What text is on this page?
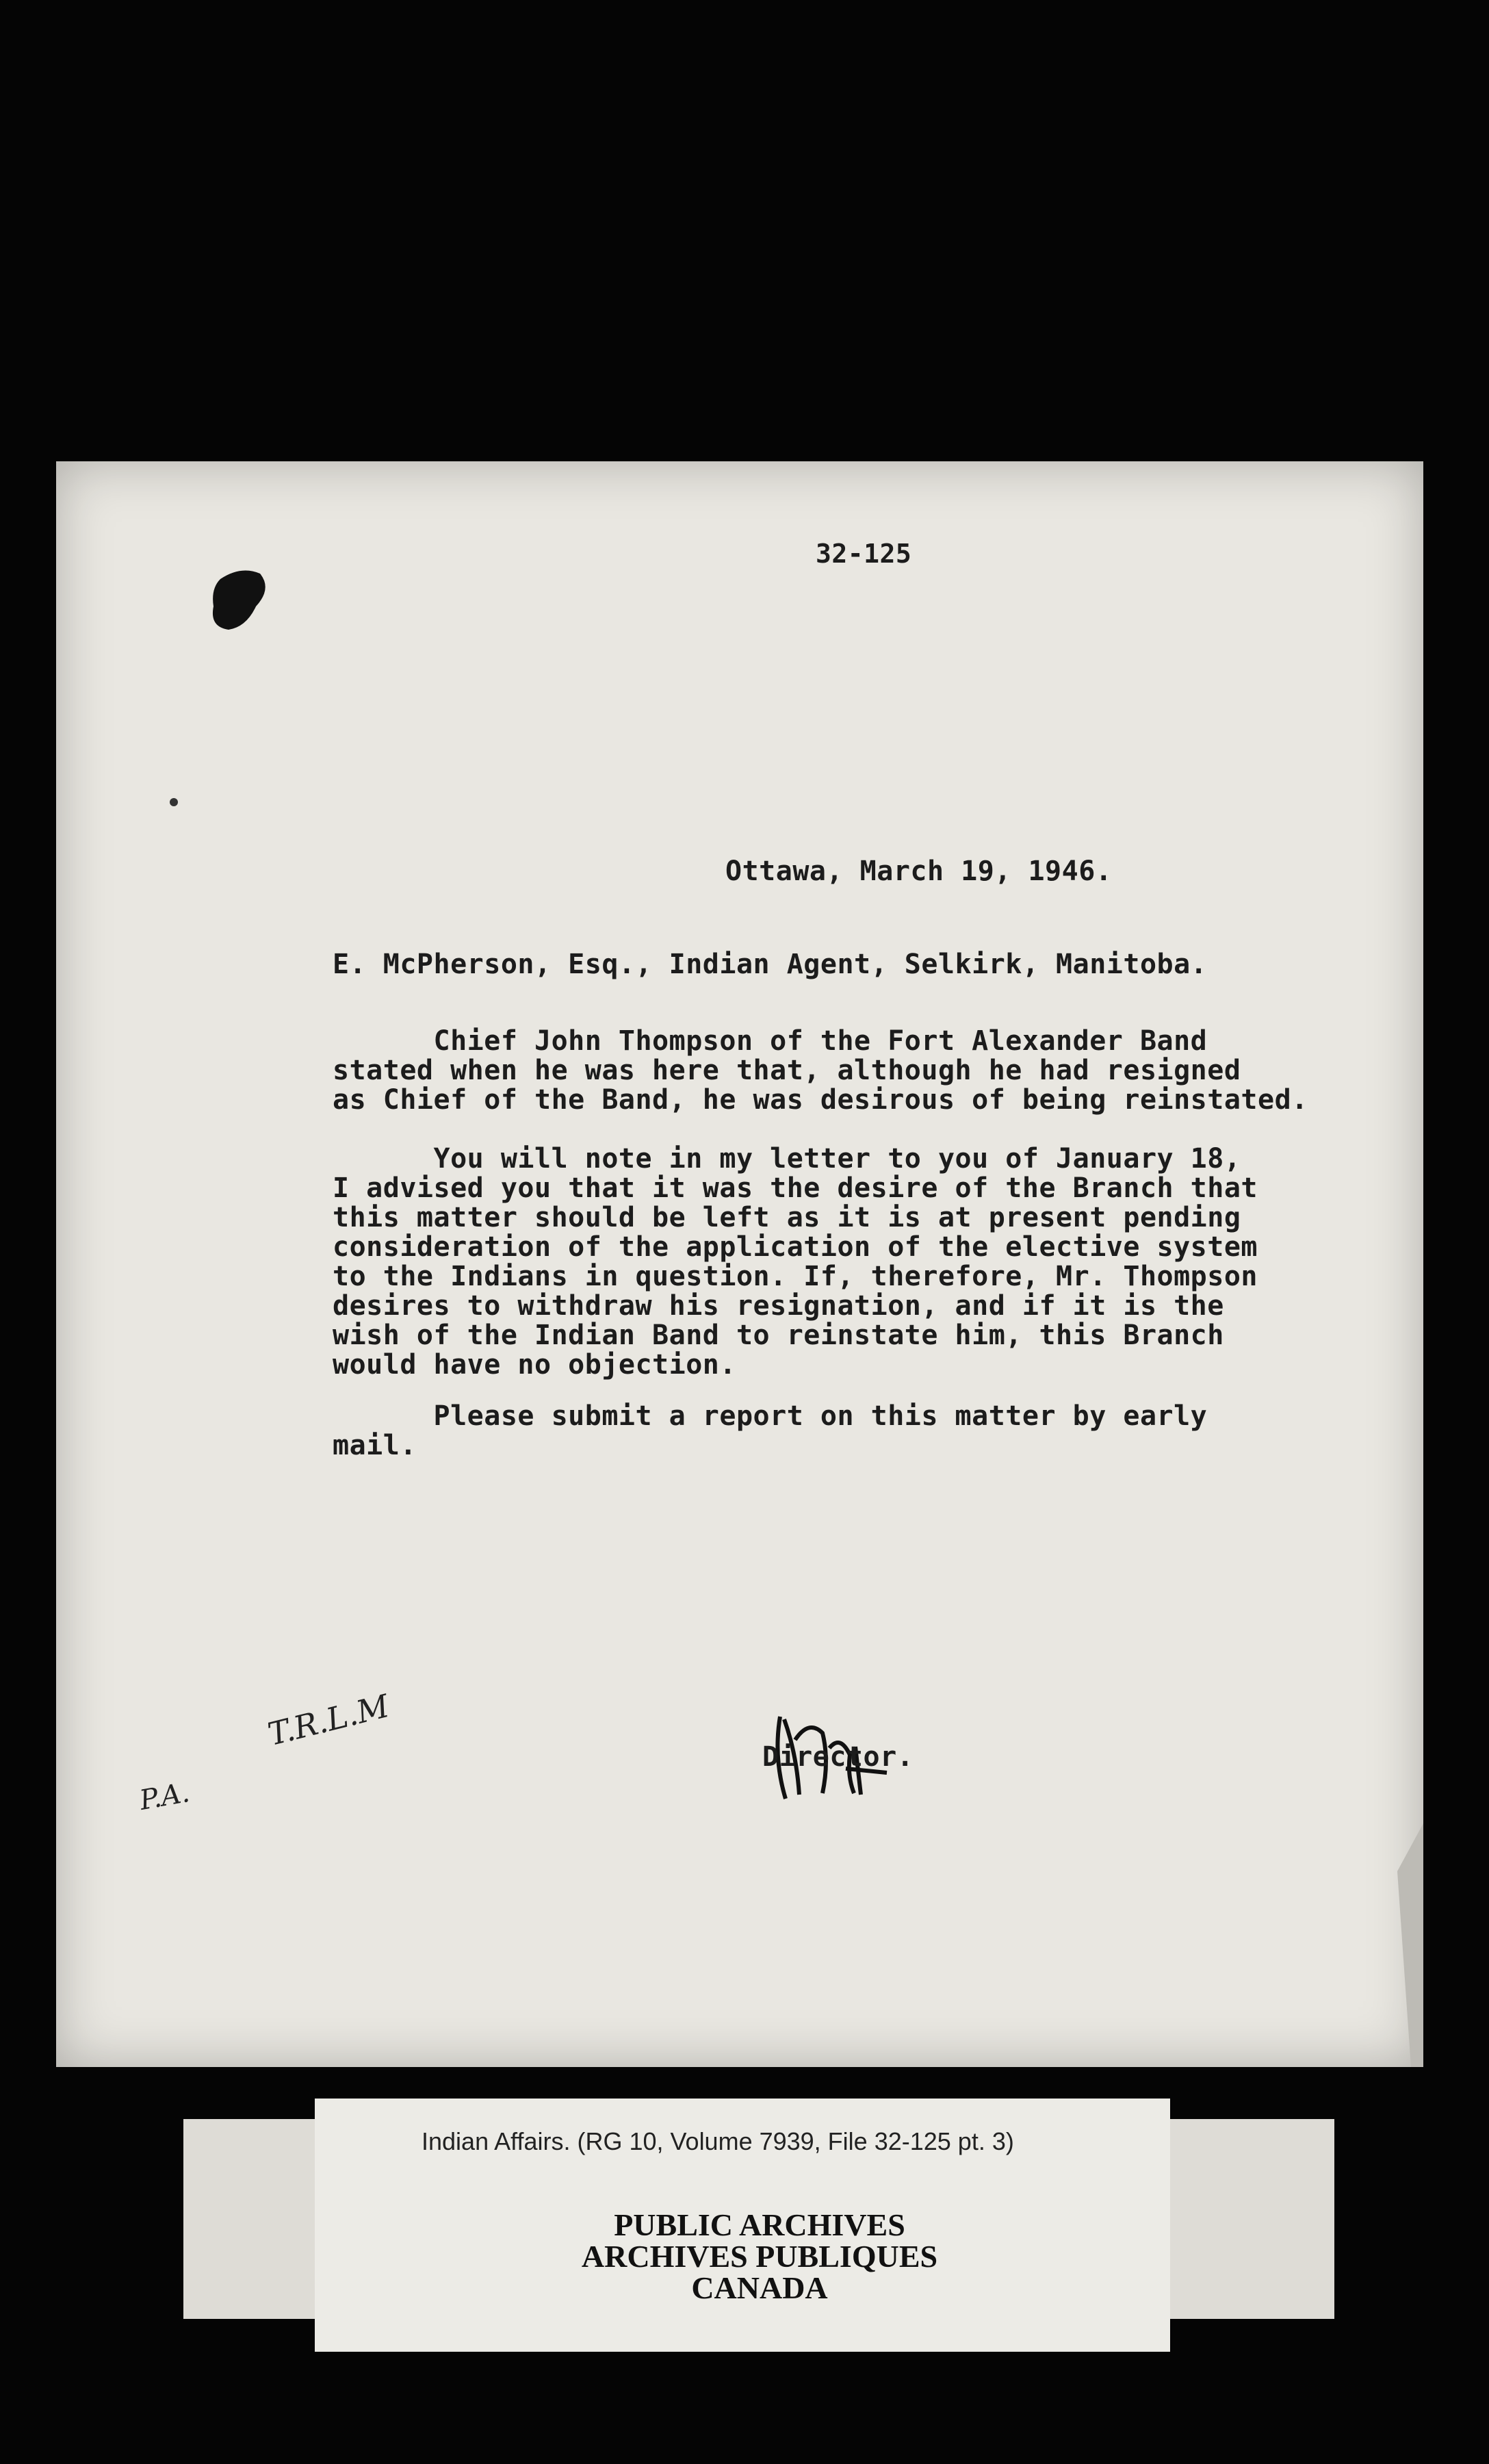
32-125
Ottawa, March 19, 1946.
E. McPherson, Esq., Indian Agent, Selkirk, Manitoba.
Chief John Thompson of the Fort Alexander Band
stated when he was here that, although he had resigned
as Chief of the Band, he was desirous of being reinstated.
You will note in my letter to you of January 18,
I advised you that it was the desire of the Branch that
this matter should be left as it is at present pending
consideration of the application of the elective system
to the Indians in question. If, therefore, Mr. Thompson
desires to withdraw his resignation, and if it is the
wish of the Indian Band to reinstate him, this Branch
would have no objection.
Please submit a report on this matter by early
mail.
Director.
T.R.L.M
P.A.
Indian Affairs. (RG 10, Volume 7939, File 32-125 pt. 3)
PUBLIC ARCHIVES
ARCHIVES PUBLIQUES
CANADA
